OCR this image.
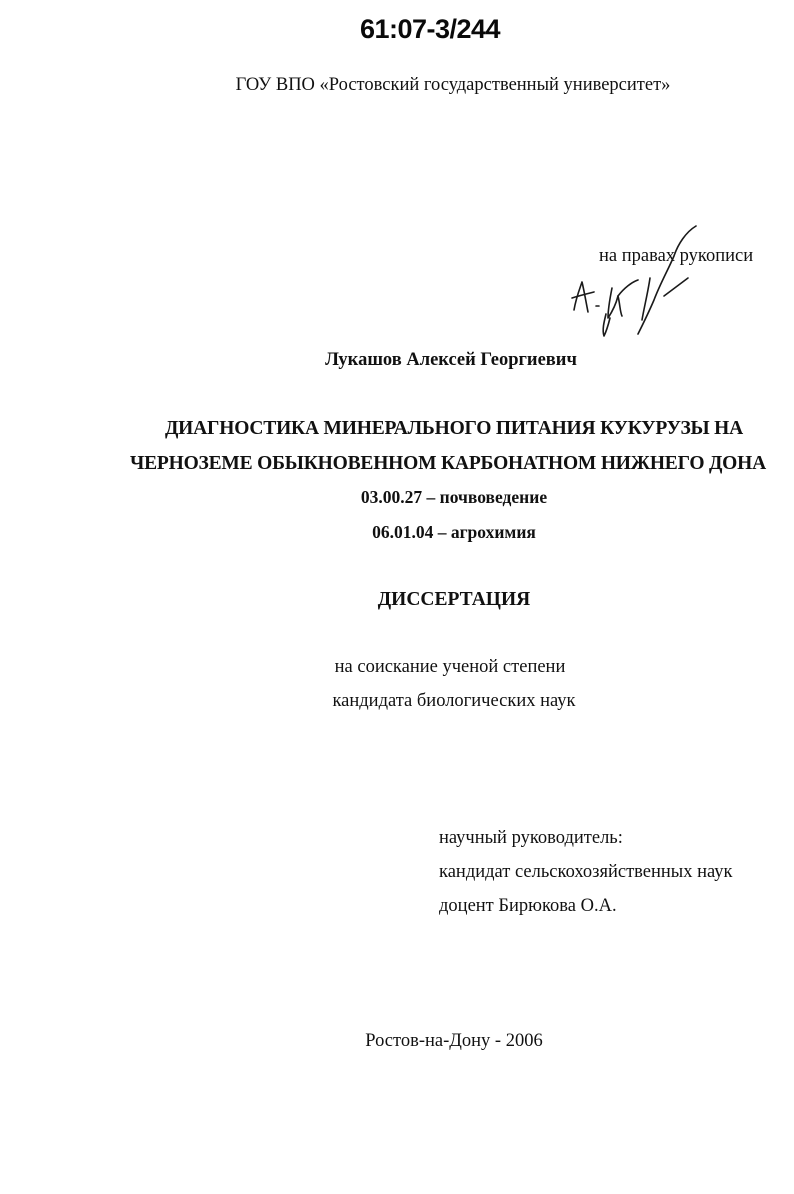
61:07-3/244
ГОУ ВПО «Ростовский государственный университет»
на правах рукописи
Лукашов Алексей Георгиевич
ДИАГНОСТИКА МИНЕРАЛЬНОГО ПИТАНИЯ КУКУРУЗЫ НА
ЧЕРНОЗЕМЕ ОБЫКНОВЕННОМ КАРБОНАТНОМ НИЖНЕГО ДОНА
03.00.27 – почвоведение
06.01.04 – агрохимия
ДИССЕРТАЦИЯ
на соискание ученой степени
кандидата биологических наук
научный руководитель:
кандидат сельскохозяйственных наук
доцент Бирюкова О.А.
Ростов-на-Дону - 2006
